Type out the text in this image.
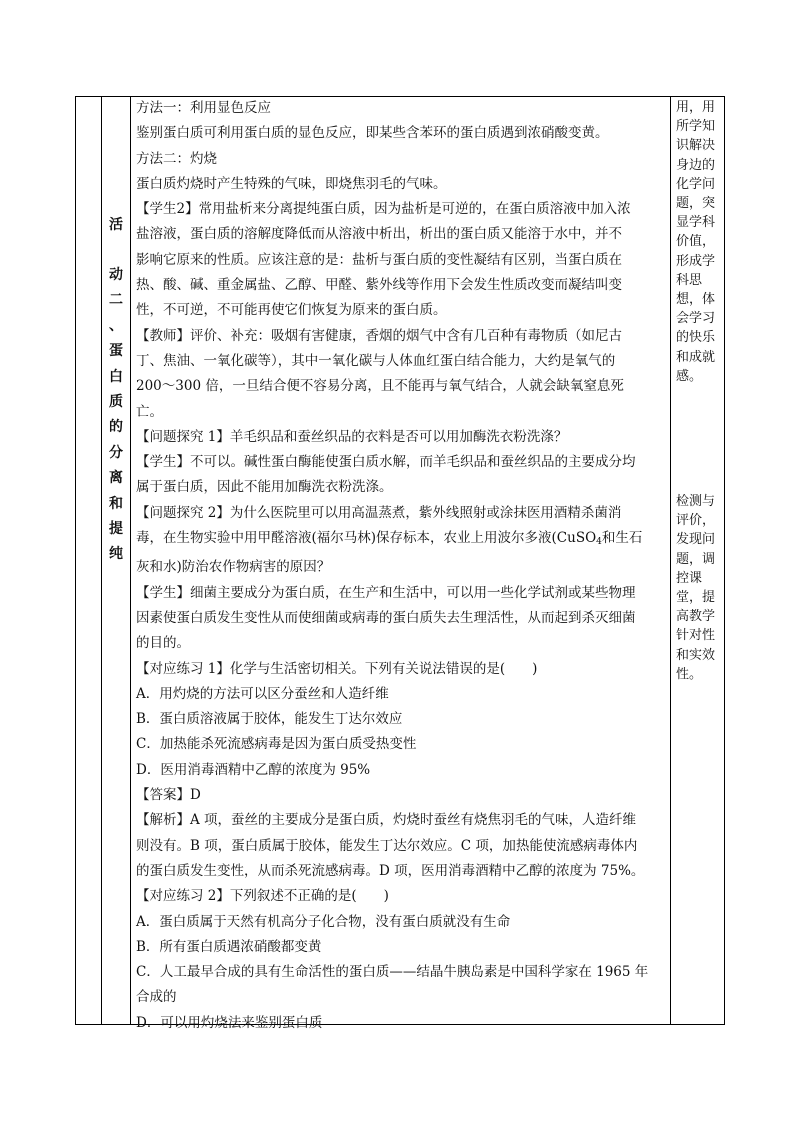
活
动
二
、
蛋
白
质
的
分
离
和
提
纯

方法一：利用显色反应

鉴别蛋白质可利用蛋白质的显色反应，即某些含苯环的蛋白质遇到浓硝酸变黄。

方法二：灼烧

蛋白质灼烧时产生特殊的气味，即烧焦羽毛的气味。

【学生2】常用盐析来分离提纯蛋白质，因为盐析是可逆的，在蛋白质溶液中加入浓

盐溶液，蛋白质的溶解度降低而从溶液中析出，析出的蛋白质又能溶于水中，并不

影响它原来的性质。应该注意的是：盐析与蛋白质的变性凝结有区别，当蛋白质在

热、酸、碱、重金属盐、乙醇、甲醛、紫外线等作用下会发生性质改变而凝结叫变

性，不可逆，不可能再使它们恢复为原来的蛋白质。

【教师】评价、补充：吸烟有害健康，香烟的烟气中含有几百种有毒物质（如尼古

丁、焦油、一氧化碳等），其中一氧化碳与人体血红蛋白结合能力，大约是氧气的

200～300 倍，一旦结合便不容易分离，且不能再与氧气结合，人就会缺氧窒息死

亡。

【问题探究 1】羊毛织品和蚕丝织品的衣料是否可以用加酶洗衣粉洗涤？

【学生】不可以。碱性蛋白酶能使蛋白质水解，而羊毛织品和蚕丝织品的主要成分均

属于蛋白质，因此不能用加酶洗衣粉洗涤。

【问题探究 2】为什么医院里可以用高温蒸煮，紫外线照射或涂抹医用酒精杀菌消

毒，在生物实验中用甲醛溶液(福尔马林)保存标本，农业上用波尔多液(CuSO$_4$和生石

灰和水)防治农作物病害的原因？

【学生】细菌主要成分为蛋白质，在生产和生活中，可以用一些化学试剂或某些物理

因素使蛋白质发生变性从而使细菌或病毒的蛋白质失去生理活性，从而起到杀灭细菌

的目的。

【对应练习 1】化学与生活密切相关。下列有关说法错误的是(　　)

A．用灼烧的方法可以区分蚕丝和人造纤维

B．蛋白质溶液属于胶体，能发生丁达尔效应

C．加热能杀死流感病毒是因为蛋白质受热变性

D．医用消毒酒精中乙醇的浓度为 95%

【答案】D

【解析】A 项，蚕丝的主要成分是蛋白质，灼烧时蚕丝有烧焦羽毛的气味，人造纤维

则没有。B 项，蛋白质属于胶体，能发生丁达尔效应。C 项，加热能使流感病毒体内

的蛋白质发生变性，从而杀死流感病毒。D 项，医用消毒酒精中乙醇的浓度为 75%。

【对应练习 2】下列叙述不正确的是(　　)

A．蛋白质属于天然有机高分子化合物，没有蛋白质就没有生命

B．所有蛋白质遇浓硝酸都变黄

C．人工最早合成的具有生命活性的蛋白质——结晶牛胰岛素是中国科学家在 1965 年

合成的

D．可以用灼烧法来鉴别蛋白质

用，用所学知识解决身边的化学问题，突显学科价值，形成学科思想，体会学习的快乐和成就感。
检测与评价，发现问题，调控课堂，提高教学针对性和实效性。
